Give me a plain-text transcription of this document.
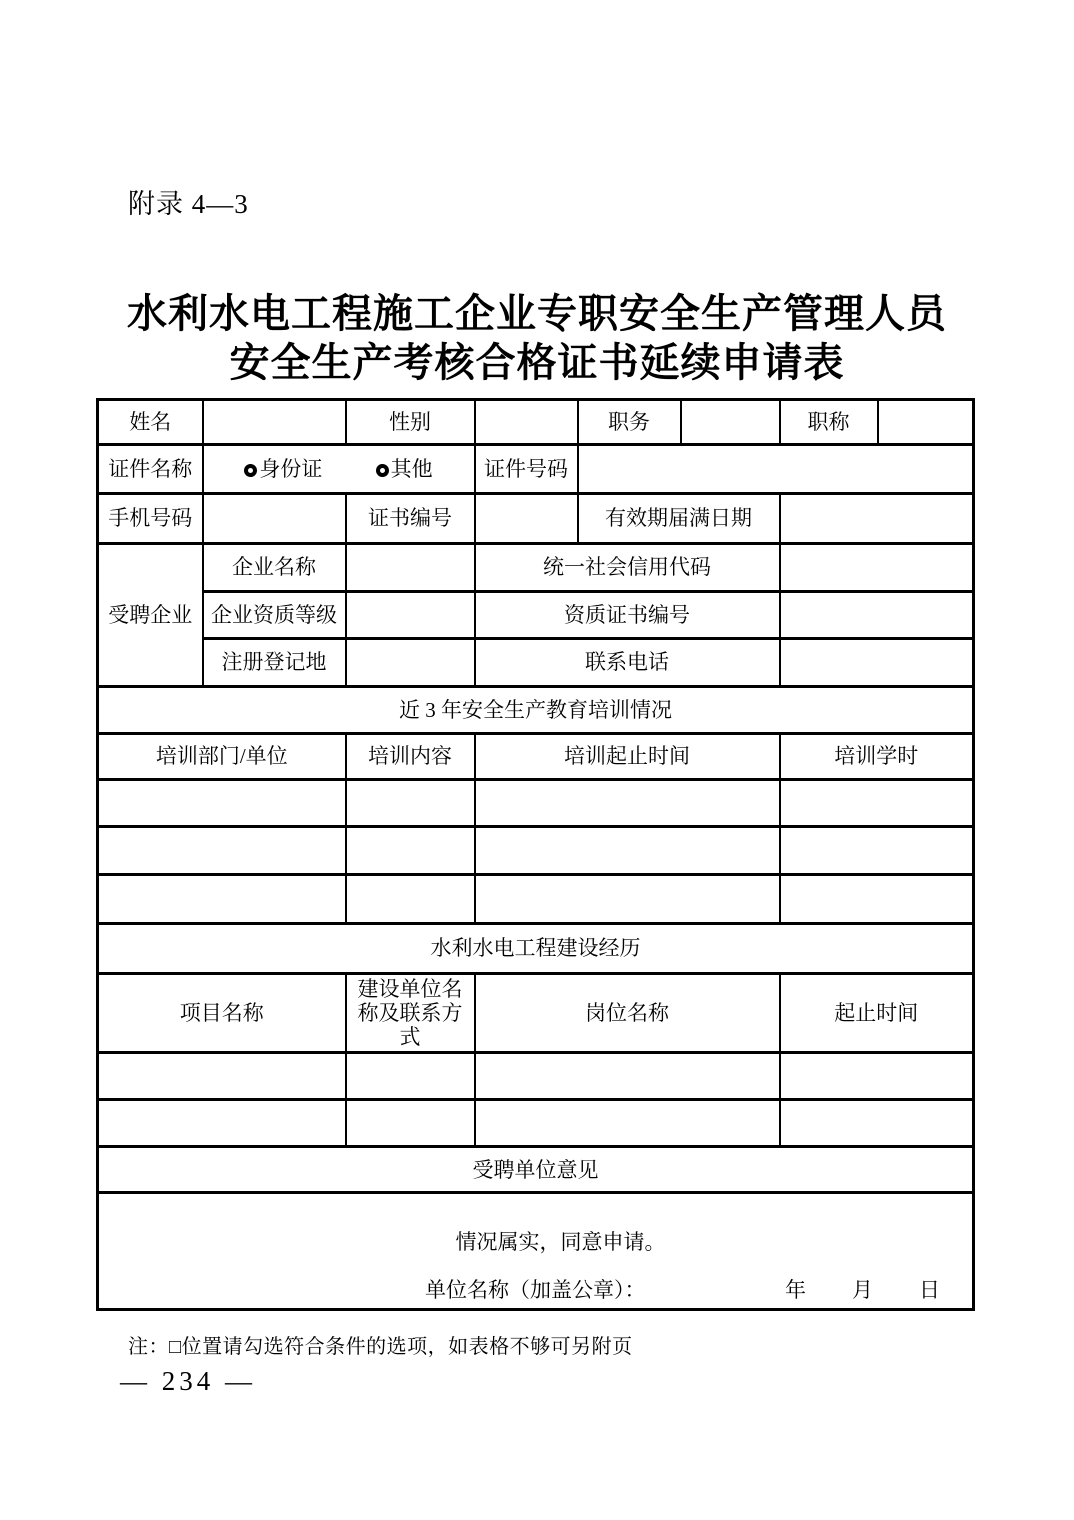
附录 4—3
水利水电工程施工企业专职安全生产管理人员
安全生产考核合格证书延续申请表
姓名		性别		职务		职称	
证件名称	身份证 其他		证件号码				
手机号码		证书编号		有效期届满日期			
受聘企业	企业名称		统一社会信用代码				
	企业资质等级		资质证书编号				
	注册登记地		联系电话				
近 3 年安全生产教育培训情况							
培训部门/单位		培训内容	培训起止时间			培训学时	

水利水电工程建设经历							
项目名称		建设单位名称及联系方式	岗位名称			起止时间	

受聘单位意见							

情况属实，同意申请。
单位名称（加盖公章）： 年 月 日							
注：□位置请勾选符合条件的选项，如表格不够可另附页
— 234 —
